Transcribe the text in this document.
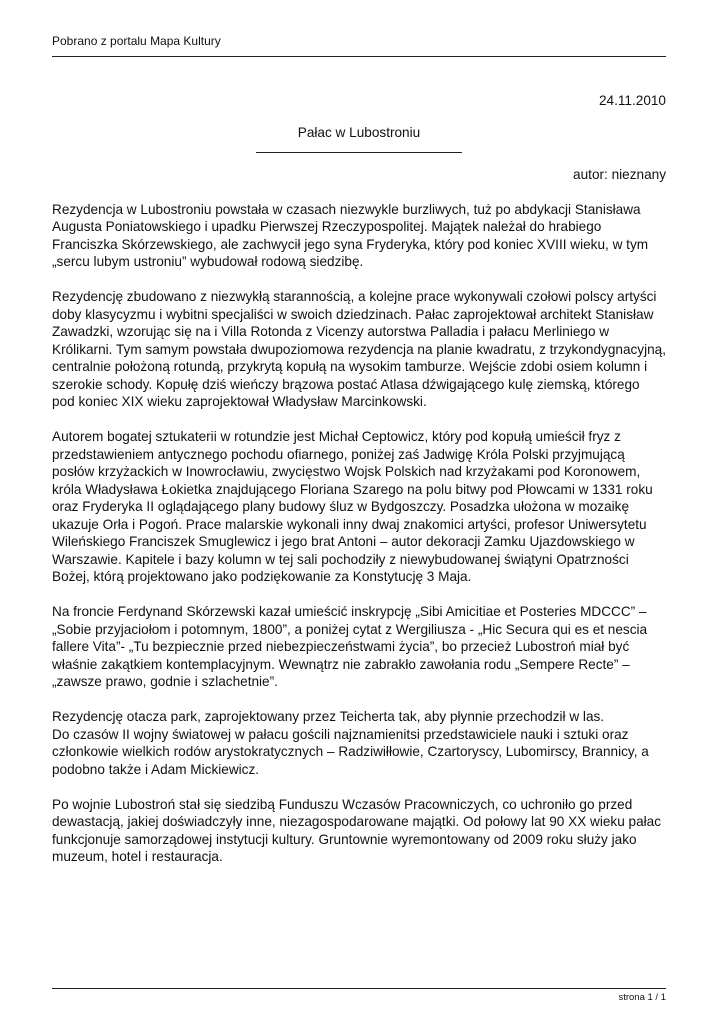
Pobrano z portalu Mapa Kultury

24.11.2010

Pałac w Lubostroniu

autor: nieznany

Rezydencja w Lubostroniu powstała w czasach niezwykle burzliwych, tuż po abdykacji Stanisława Augusta Poniatowskiego i upadku Pierwszej Rzeczypospolitej. Majątek należał do hrabiego Franciszka Skórzewskiego, ale zachwycił jego syna Fryderyka, który pod koniec XVIII wieku, w tym „sercu lubym ustroniu” wybudował rodową siedzibę.

Rezydencję zbudowano z niezwykłą starannością, a kolejne prace wykonywali czołowi polscy artyści doby klasycyzmu i wybitni specjaliści w swoich dziedzinach. Pałac zaprojektował architekt Stanisław Zawadzki, wzorując się na i Villa Rotonda z Vicenzy autorstwa Palladia i pałacu Merliniego w Królikarni. Tym samym powstała dwupoziomowa rezydencja na planie kwadratu, z trzykondygnacyjną, centralnie położoną rotundą, przykrytą kopułą na wysokim tamburze. Wejście zdobi osiem kolumn i szerokie schody. Kopułę dziś wieńczy brązowa postać Atlasa dźwigającego kulę ziemską, którego pod koniec XIX wieku zaprojektował Władysław Marcinkowski.

Autorem bogatej sztukaterii w rotundzie jest Michał Ceptowicz, który pod kopułą umieścił fryz z przedstawieniem antycznego pochodu ofiarnego, poniżej zaś Jadwigę Króla Polski przyjmującą posłów krzyżackich w Inowrocławiu, zwycięstwo Wojsk Polskich nad krzyżakami pod Koronowem, króla Władysława Łokietka znajdującego Floriana Szarego na polu bitwy pod Płowcami w 1331 roku oraz Fryderyka II oglądającego plany budowy śluz w Bydgoszczy. Posadzka ułożona w mozaikę ukazuje Orła i Pogoń. Prace malarskie wykonali inny dwaj znakomici artyści, profesor Uniwersytetu Wileńskiego Franciszek Smuglewicz i jego brat Antoni – autor dekoracji Zamku Ujazdowskiego w Warszawie. Kapitele i bazy kolumn w tej sali pochodziły z niewybudowanej świątyni Opatrzności Bożej, którą projektowano jako podziękowanie za Konstytucję 3 Maja.

Na froncie Ferdynand Skórzewski kazał umieścić inskrypcję „Sibi Amicitiae et Posteries MDCCC” – „Sobie przyjaciołom i potomnym, 1800”, a poniżej cytat z Wergiliusza - „Hic Secura qui es et nescia fallere Vita”- „Tu bezpiecznie przed niebezpieczeństwami życia”, bo przecież Lubostroń miał być właśnie zakątkiem kontemplacyjnym. Wewnątrz nie zabrakło zawołania rodu „Sempere Recte” – „zawsze prawo, godnie i szlachetnie”.

Rezydencję otacza park, zaprojektowany przez Teicherta tak, aby płynnie przechodził w las.
Do czasów II wojny światowej w pałacu gościli najznamienitsi przedstawiciele nauki i sztuki oraz członkowie wielkich rodów arystokratycznych – Radziwiłłowie, Czartoryscy, Lubomirscy, Brannicy, a podobno także i Adam Mickiewicz.

Po wojnie Lubostroń stał się siedzibą Funduszu Wczasów Pracowniczych, co uchroniło go przed dewastacją, jakiej doświadczyły inne, niezagospodarowane majątki. Od połowy lat 90 XX wieku pałac funkcjonuje samorządowej instytucji kultury. Gruntownie wyremontowany od 2009 roku służy jako muzeum, hotel i restauracja.

strona 1 / 1
